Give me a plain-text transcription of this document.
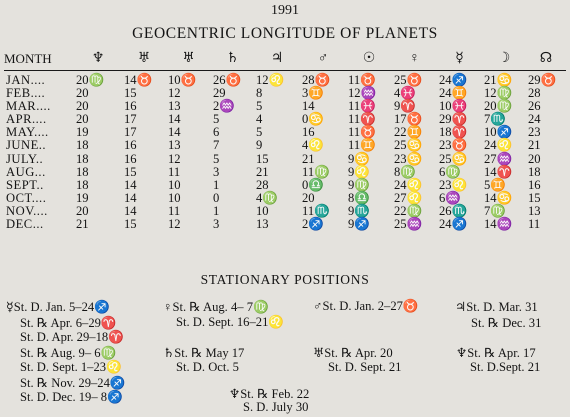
1991
GEOCENTRIC LONGITUDE OF PLANETS
MONTH	♆	♅	♅	♄	♃	♂	☉	♀	☿	☽	☊
JAN....	20♍	14♉	10♉	26♉	12♌	28♉	11♉	25♉	24♐	21♋	29♉
FEB....	20	15	12	29	8	3♊	12♒	4♓	24♊	12♍	28
MAR....	20	16	13	2♒	5	14	11♓	9♈	10♓	20♍	26
APR....	20	17	14	5	4	0♋	11♈	17♉	29♈	7♏	24
MAY....	19	17	14	6	5	16	11♉	22♊	18♈	10♐	23
JUNE..	18	16	13	7	9	4♌	11♊	25♋	23♉	24♌	21
JULY..	18	16	12	5	15	21	9♋	23♋	25♋	27♒	20
AUG...	18	15	11	3	21	11♍	9♌	8♍	6♍	14♈	18
SEPT..	18	14	10	1	28	0♎	9♍	24♌	23♌	5♊	16
OCT....	19	14	10	0	4♍	20	8♎	27♌	6♒	14♋	15
NOV....	20	14	11	1	10	11♏	9♏	22♍	26♏	7♍	13
DEC...	21	15	12	3	13	2♐	9♐	25♒	24♐	14♒	11
STATIONARY POSITIONS
☿St. D. Jan. 5–24♐
St. ℞ Apr. 6–29♈
St. D. Apr. 29–18♈
St. ℞ Aug. 9– 6♍
St. D. Sept. 1–23♌
St. ℞ Nov. 29–24♐
St. D. Dec. 19– 8♐
♀St. ℞ Aug. 4– 7♍
St. D. Sept. 16–21♌
♄St. ℞ May 17
St. D. Oct. 5
♂St. D. Jan. 2–27♉
♅St. ℞ Apr. 20
St. D. Sept. 21
♃St. D. Mar. 31
St. ℞ Dec. 31
♆St. ℞ Apr. 17
St. D.Sept. 21
♆St. ℞ Feb. 22
S. D. July 30
